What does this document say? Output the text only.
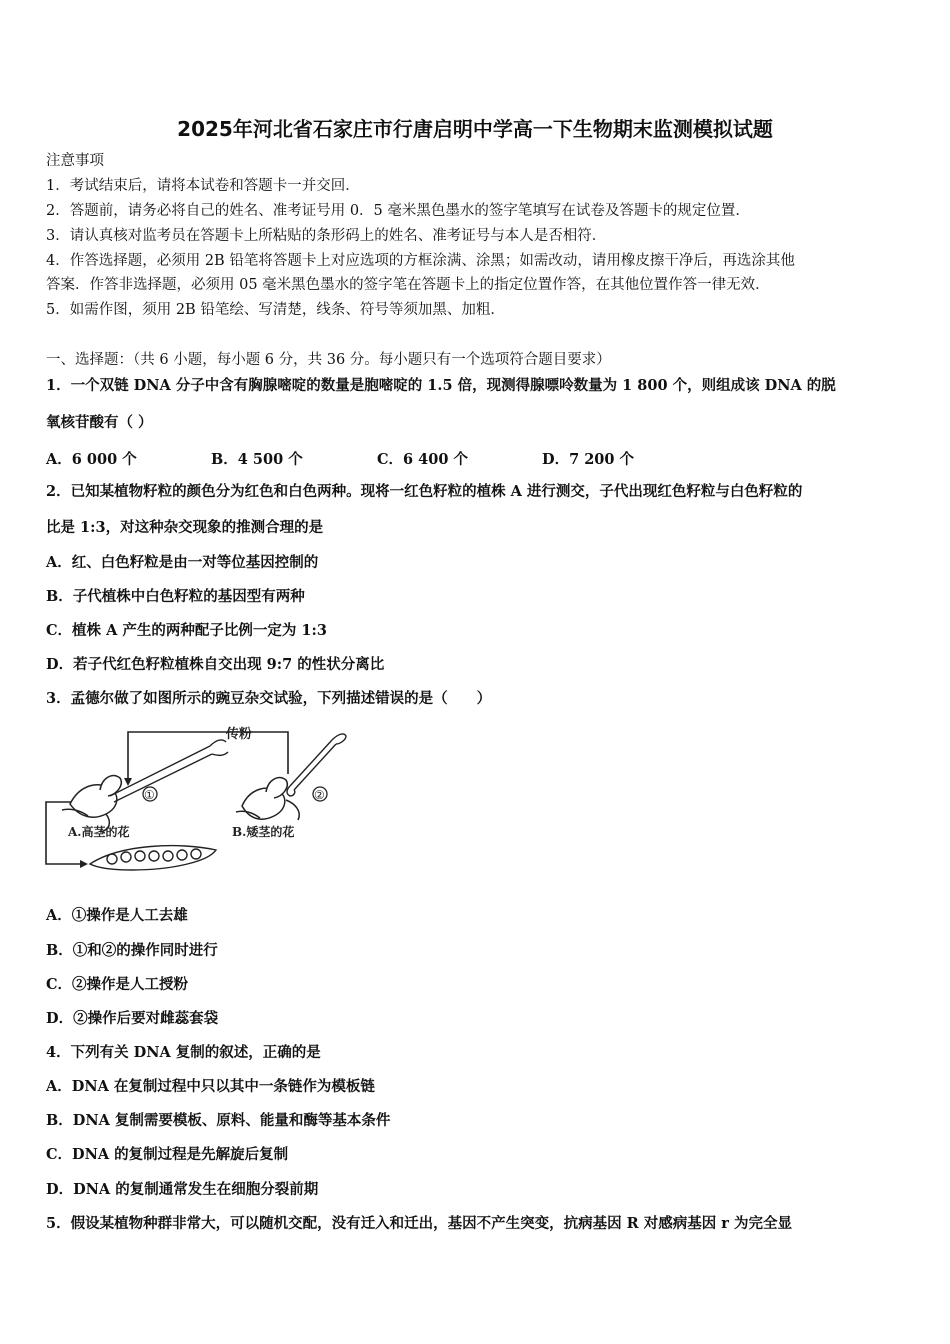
2025年河北省石家庄市行唐启明中学高一下生物期末监测模拟试题
注意事项
1．考试结束后，请将本试卷和答题卡一并交回．
2．答题前，请务必将自己的姓名、准考证号用 0．5 毫米黑色墨水的签字笔填写在试卷及答题卡的规定位置．
3．请认真核对监考员在答题卡上所粘贴的条形码上的姓名、准考证号与本人是否相符．
4．作答选择题，必须用 2B 铅笔将答题卡上对应选项的方框涂满、涂黑；如需改动，请用橡皮擦干净后，再选涂其他
答案．作答非选择题，必须用 05 毫米黑色墨水的签字笔在答题卡上的指定位置作答，在其他位置作答一律无效．
5．如需作图，须用 2B 铅笔绘、写清楚，线条、符号等须加黑、加粗．
一、选择题：（共 6 小题，每小题 6 分，共 36 分。每小题只有一个选项符合题目要求）
1．一个双链 DNA 分子中含有胸腺嘧啶的数量是胞嘧啶的 1.5 倍，现测得腺嘌呤数量为 1 800 个，则组成该 DNA 的脱
氧核苷酸有（ ）
A．6 000 个	B．4 500 个	C．6 400 个	D．7 200 个
2．已知某植物籽粒的颜色分为红色和白色两种。现将一红色籽粒的植株 A 进行测交，子代出现红色籽粒与白色籽粒的
比是 1:3，对这种杂交现象的推测合理的是
A．红、白色籽粒是由一对等位基因控制的
B．子代植株中白色籽粒的基因型有两种
C．植株 A 产生的两种配子比例一定为 1:3
D．若子代红色籽粒植株自交出现 9:7 的性状分离比
3．孟德尔做了如图所示的豌豆杂交试验，下列描述错误的是（　　）
①
传粉
②
A.高茎的花	B.矮茎的花
A．①操作是人工去雄
B．①和②的操作同时进行
C．②操作是人工授粉
D．②操作后要对雌蕊套袋
4．下列有关 DNA 复制的叙述，正确的是
A．DNA 在复制过程中只以其中一条链作为模板链
B．DNA 复制需要模板、原料、能量和酶等基本条件
C．DNA 的复制过程是先解旋后复制
D．DNA 的复制通常发生在细胞分裂前期
5．假设某植物种群非常大，可以随机交配，没有迁入和迁出，基因不产生突变，抗病基因 R 对感病基因 r 为完全显
